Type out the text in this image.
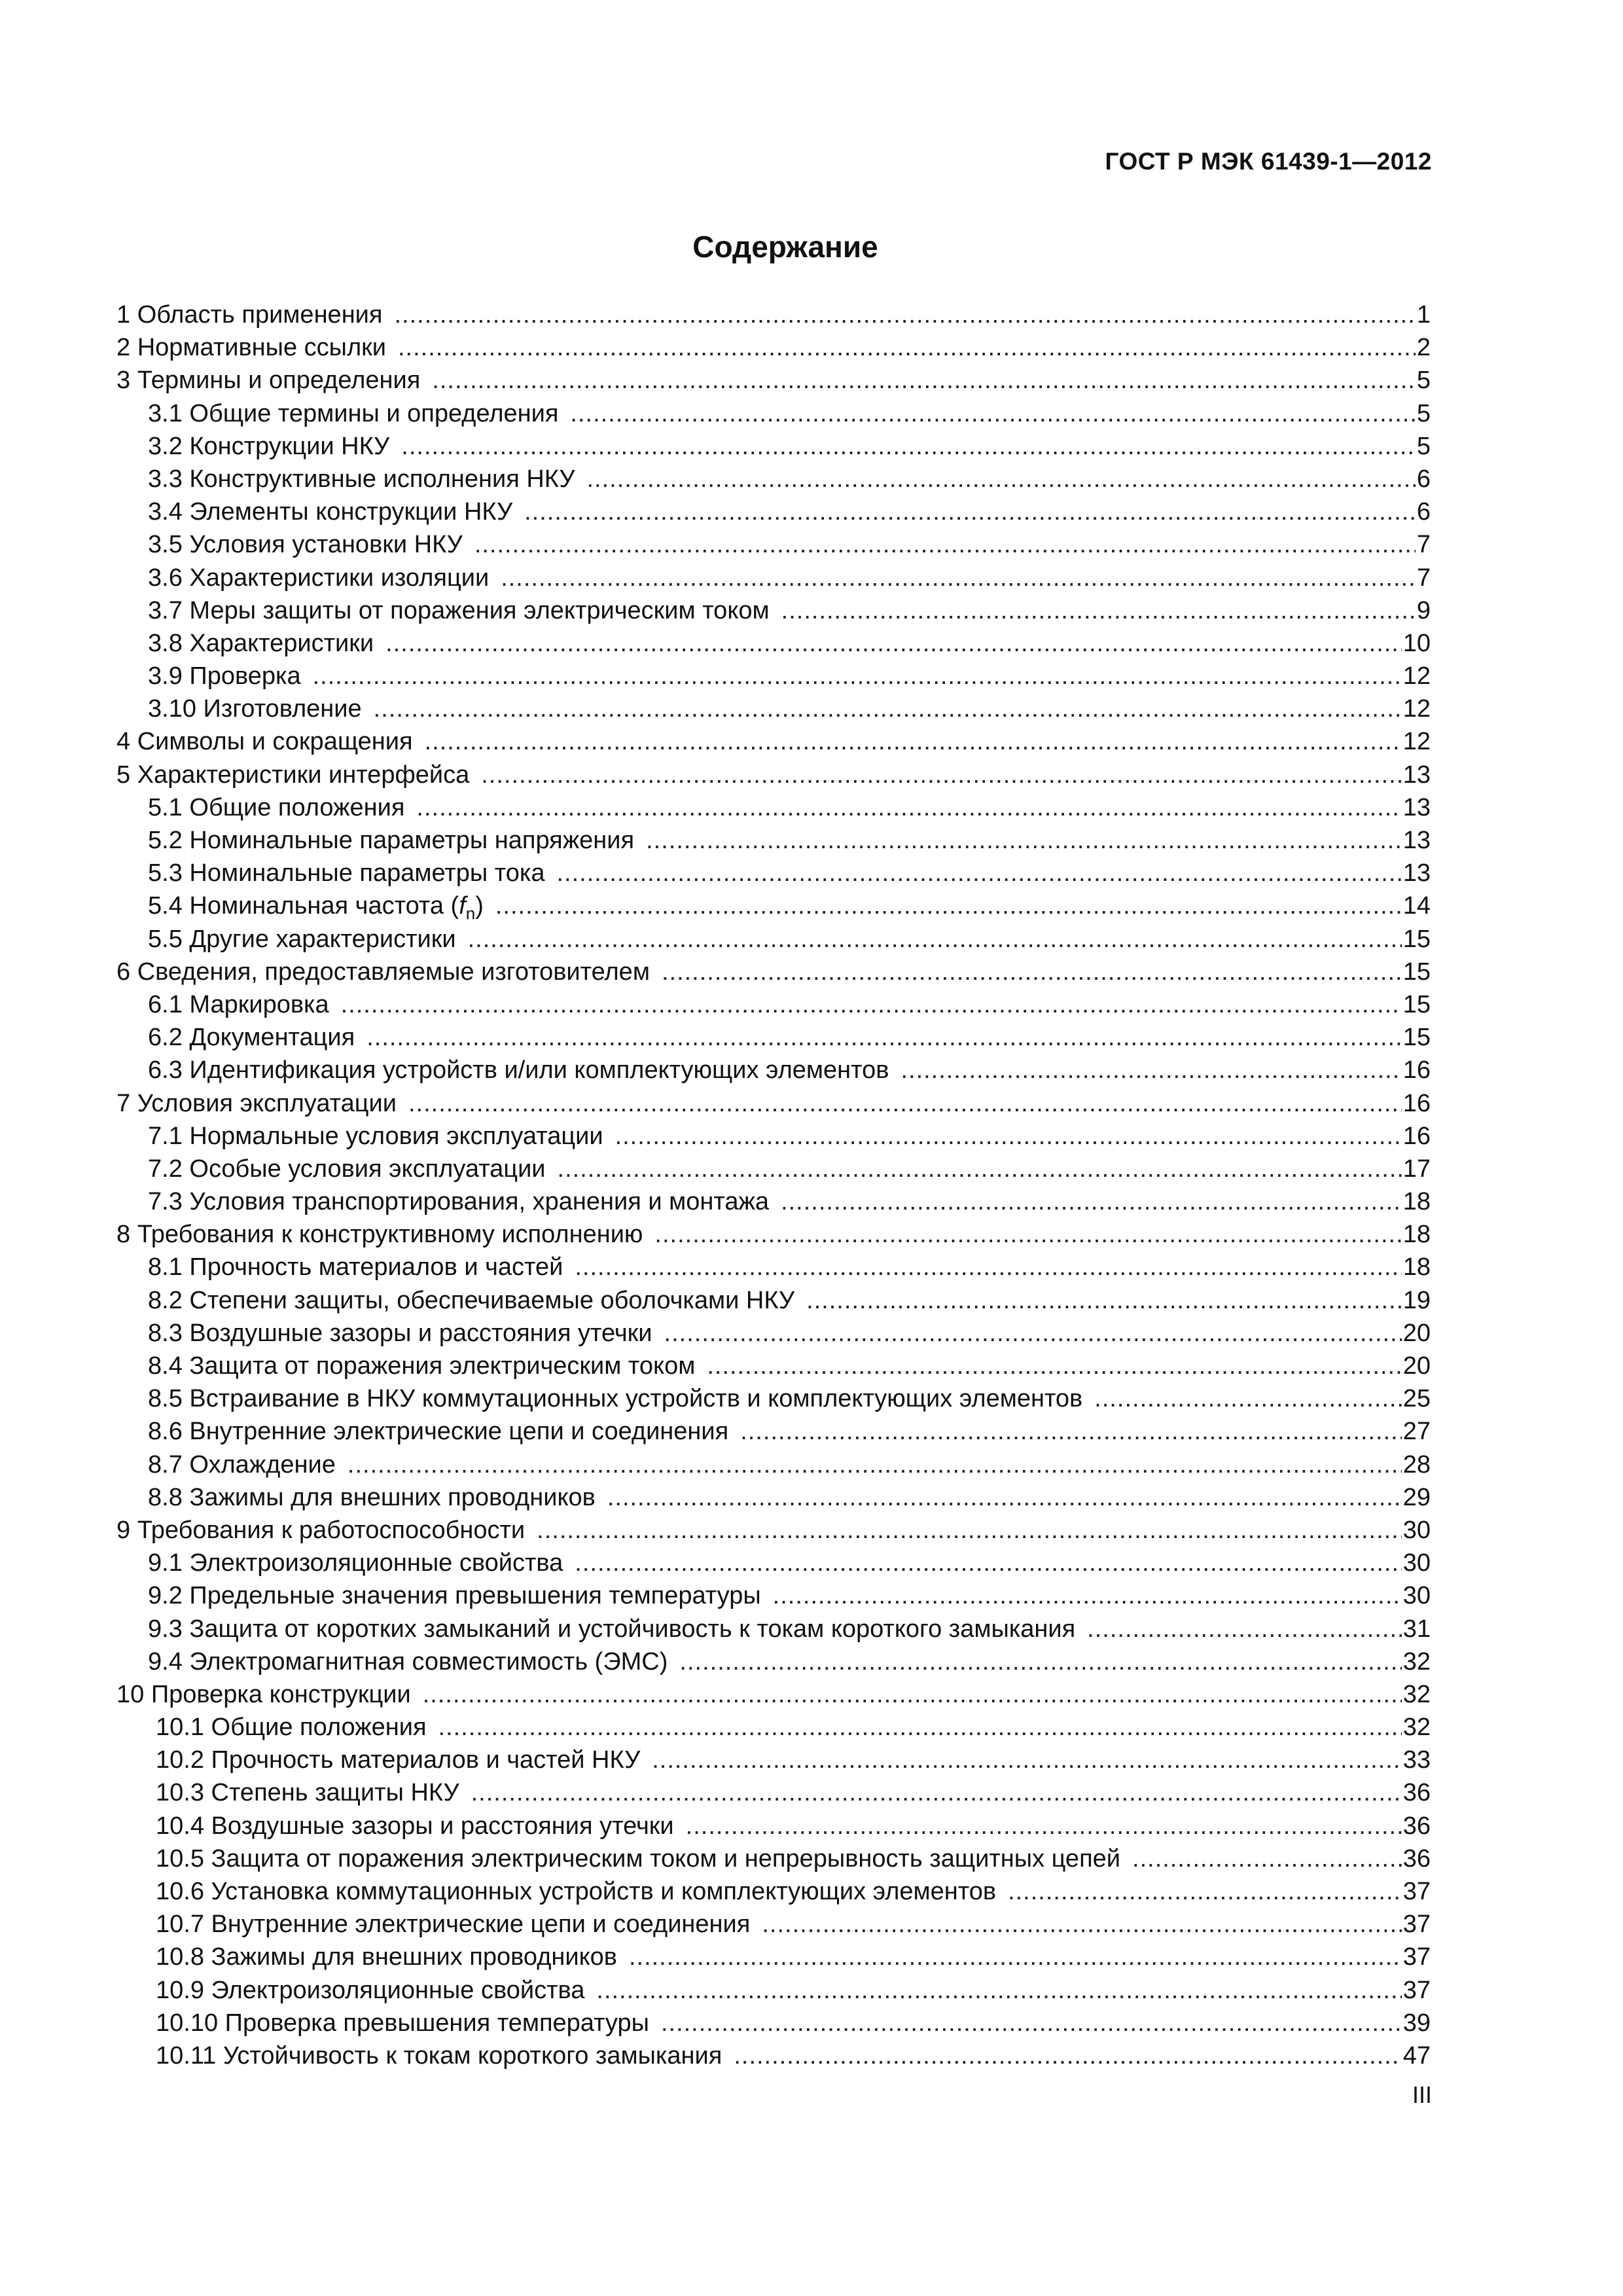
ГОСТ Р МЭК 61439-1—2012
Содержание
1 Область применения .....	1
2 Нормативные ссылки .....	2
3 Термины и определения .....	5
3.1 Общие термины и определения .....	5
3.2 Конструкции НКУ .....	5
3.3 Конструктивные исполнения НКУ .....	6
3.4 Элементы конструкции НКУ .....	6
3.5 Условия установки НКУ .....	7
3.6 Характеристики изоляции .....	7
3.7 Меры защиты от поражения электрическим током .....	9
3.8 Характеристики .....	10
3.9 Проверка .....	12
3.10 Изготовление .....	12
4 Символы и сокращения .....	12
5 Характеристики интерфейса .....	13
5.1 Общие положения .....	13
5.2 Номинальные параметры напряжения .....	13
5.3 Номинальные параметры тока .....	13
5.4 Номинальная частота $(f_n)$ .....	14
5.5 Другие характеристики .....	15
6 Сведения, предоставляемые изготовителем .....	15
6.1 Маркировка .....	15
6.2 Документация .....	15
6.3 Идентификация устройств и/или комплектующих элементов .....	16
7 Условия эксплуатации .....	16
7.1 Нормальные условия эксплуатации .....	16
7.2 Особые условия эксплуатации .....	17
7.3 Условия транспортирования, хранения и монтажа .....	18
8 Требования к конструктивному исполнению .....	18
8.1 Прочность материалов и частей .....	18
8.2 Степени защиты, обеспечиваемые оболочками НКУ .....	19
8.3 Воздушные зазоры и расстояния утечки .....	20
8.4 Защита от поражения электрическим током .....	20
8.5 Встраивание в НКУ коммутационных устройств и комплектующих элементов .....	25
8.6 Внутренние электрические цепи и соединения .....	27
8.7 Охлаждение .....	28
8.8 Зажимы для внешних проводников .....	29
9 Требования к работоспособности .....	30
9.1 Электроизоляционные свойства .....	30
9.2 Предельные значения превышения температуры .....	30
9.3 Защита от коротких замыканий и устойчивость к токам короткого замыкания .....	31
9.4 Электромагнитная совместимость (ЭМС) .....	32
10 Проверка конструкции .....	32
10.1 Общие положения .....	32
10.2 Прочность материалов и частей НКУ .....	33
10.3 Степень защиты НКУ .....	36
10.4 Воздушные зазоры и расстояния утечки .....	36
10.5 Защита от поражения электрическим током и непрерывность защитных цепей .....	36
10.6 Установка коммутационных устройств и комплектующих элементов .....	37
10.7 Внутренние электрические цепи и соединения .....	37
10.8 Зажимы для внешних проводников .....	37
10.9 Электроизоляционные свойства .....	37
10.10 Проверка превышения температуры .....	39
10.11 Устойчивость к токам короткого замыкания .....	47
III
